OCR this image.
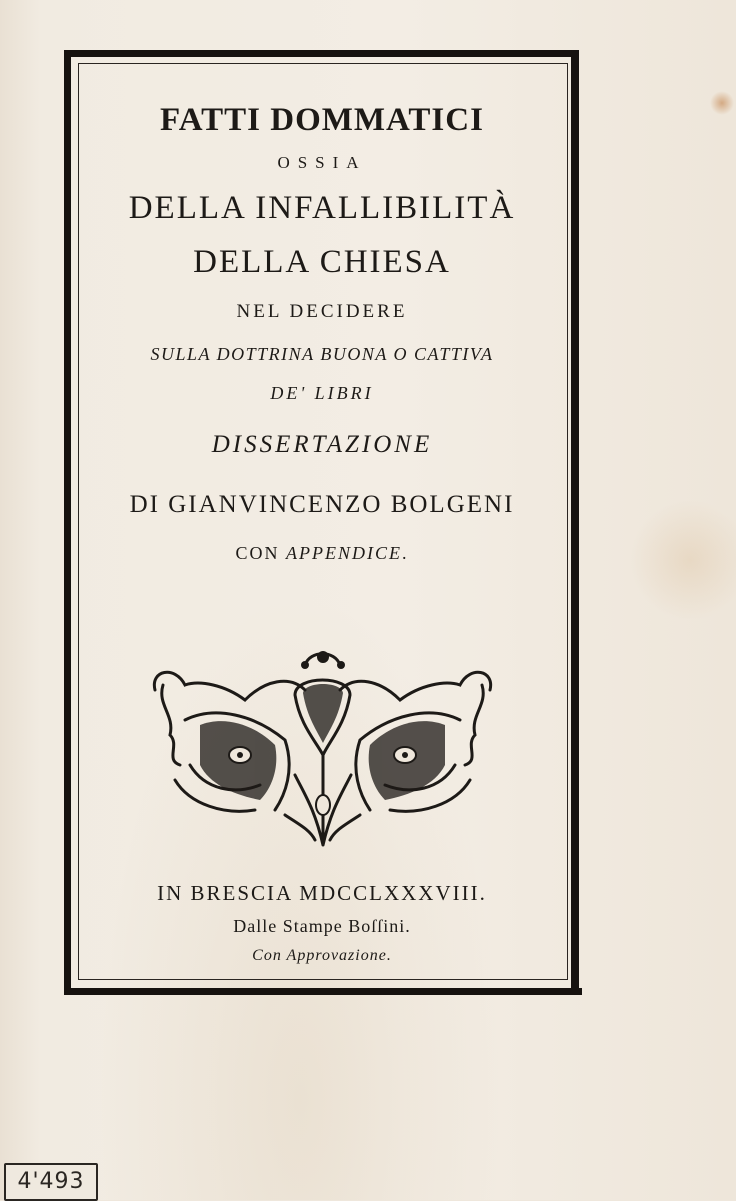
FATTI DOMMATICI
OSSIA
DELLA INFALLIBILITÀ
DELLA CHIESA
NEL DECIDERE
SULLA DOTTRINA BUONA O CATTIVA
DE' LIBRI
DISSERTAZIONE
DI GIANVINCENZO BOLGENI
CON APPENDICE.
IN BRESCIA MDCCLXXXVIII.
Dalle Stampe Boſſini.
Con Approvazione.
4'493
